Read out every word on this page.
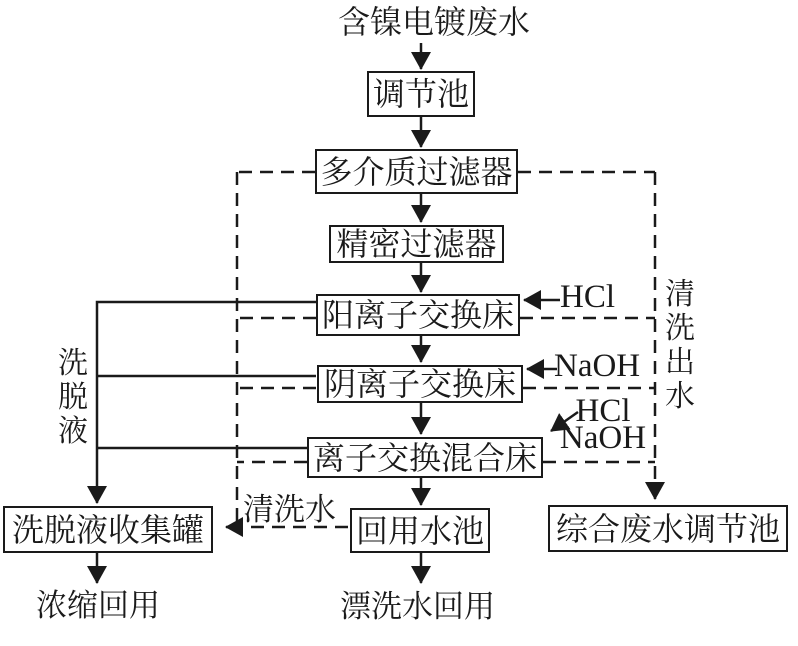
含镍电镀废水
调节池
多介质过滤器
精密过滤器
阳离子交换床
阴离子交换床
离子交换混合床
回用水池 综合废水调节池
洗脱液收集罐
HCl
NaOH
HCl
NaOH
洗脱液
清洗出水
清洗水
浓缩回用	漂洗水回用
